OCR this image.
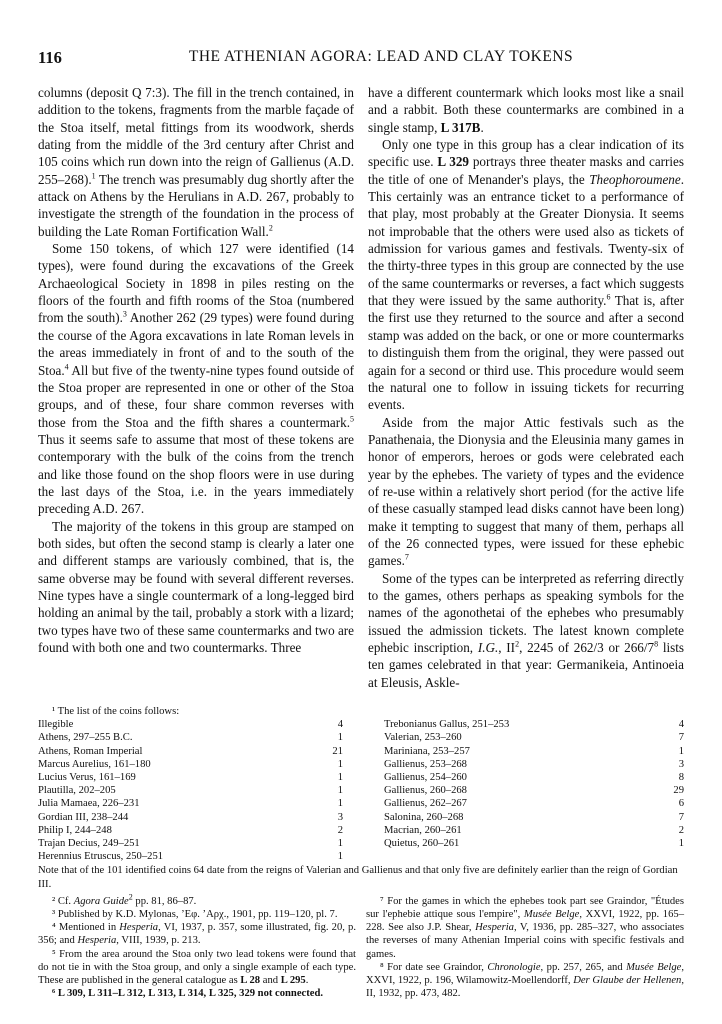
116	THE ATHENIAN AGORA: LEAD AND CLAY TOKENS

columns (deposit Q 7:3). The fill in the trench contained, in addition to the tokens, fragments from the marble façade of the Stoa itself, metal fittings from its woodwork, sherds dating from the middle of the 3rd century after Christ and 105 coins which run down into the reign of Gallienus (A.D. 255–268).$^1$ The trench was presumably dug shortly after the attack on Athens by the Herulians in A.D. 267, probably to investigate the strength of the foundation in the process of building the Late Roman Fortification Wall.$^2$

Some 150 tokens, of which 127 were identified (14 types), were found during the excavations of the Greek Archaeological Society in 1898 in piles resting on the floors of the fourth and fifth rooms of the Stoa (numbered from the south).$^3$ Another 262 (29 types) were found during the course of the Agora excavations in late Roman levels in the areas immediately in front of and to the south of the Stoa.$^4$ All but five of the twenty-nine types found outside of the Stoa proper are represented in one or other of the Stoa groups, and of these, four share common reverses with those from the Stoa and the fifth shares a countermark.$^5$ Thus it seems safe to assume that most of these tokens are contemporary with the bulk of the coins from the trench and like those found on the shop floors were in use during the last days of the Stoa, i.e. in the years immediately preceding A.D. 267.

The majority of the tokens in this group are stamped on both sides, but often the second stamp is clearly a later one and different stamps are variously combined, that is, the same obverse may be found with several different reverses. Nine types have a single countermark of a long-legged bird holding an animal by the tail, probably a stork with a lizard; two types have two of these same countermarks and two are found with both one and two countermarks. Three

have a different countermark which looks most like a snail and a rabbit. Both these countermarks are combined in a single stamp, L 317B.

Only one type in this group has a clear indication of its specific use. L 329 portrays three theater masks and carries the title of one of Menander's plays, the Theophoroumene. This certainly was an entrance ticket to a performance of that play, most probably at the Greater Dionysia. It seems not improbable that the others were used also as tickets of admission for various games and festivals. Twenty-six of the thirty-three types in this group are connected by the use of the same countermarks or reverses, a fact which suggests that they were issued by the same authority.$^6$ That is, after the first use they returned to the source and after a second stamp was added on the back, or one or more countermarks to distinguish them from the original, they were passed out again for a second or third use. This procedure would seem the natural one to follow in issuing tickets for recurring events.

Aside from the major Attic festivals such as the Panathenaia, the Dionysia and the Eleusinia many games in honor of emperors, heroes or gods were celebrated each year by the ephebes. The variety of types and the evidence of re-use within a relatively short period (for the active life of these casually stamped lead disks cannot have been long) make it tempting to suggest that many of them, perhaps all of the 26 connected types, were issued for these ephebic games.$^7$

Some of the types can be interpreted as referring directly to the games, others perhaps as speaking symbols for the names of the agonothetai of the ephebes who presumably issued the admission tickets. The latest known complete ephebic inscription, I.G., $II^2$, 2245 of 262/3 or $266/7^8$ lists ten games celebrated in that year: Germanikeia, Antinoeia at Eleusis, Askle-

¹ The list of the coins follows:
Illegible	4
Athens, 297–255 B.C.	1
Athens, Roman Imperial	21
Marcus Aurelius, 161–180	1
Lucius Verus, 161–169	1
Plautilla, 202–205	1
Julia Mamaea, 226–231	1
Gordian III, 238–244	3
Philip I, 244–248	2
Trajan Decius, 249–251	1
Herennius Etruscus, 250–251	1
Trebonianus Gallus, 251–253	4
Valerian, 253–260	7
Mariniana, 253–257	1
Gallienus, 253–268	3
Gallienus, 254–260	8
Gallienus, 260–268	29
Gallienus, 262–267	6
Salonina, 260–268	7
Macrian, 260–261	2
Quietus, 260–261	1
Note that of the 101 identified coins 64 date from the reigns of Valerian and Gallienus and that only five are definitely earlier than the reign of Gordian III.

² Cf. Agora Guide$^2$ pp. 81, 86–87.

³ Published by K.D. Mylonas, ʼΕφ. ʼΑρχ., 1901, pp. 119–120, pl. 7.

⁴ Mentioned in Hesperia, VI, 1937, p. 357, some illustrated, fig. 20, p. 356; and Hesperia, VIII, 1939, p. 213.

⁵ From the area around the Stoa only two lead tokens were found that do not tie in with the Stoa group, and only a single example of each type. These are published in the general catalogue as L 28 and L 295.

⁶ L 309, L 311–L 312, L 313, L 314, L 325, 329 not connected.

⁷ For the games in which the ephebes took part see Graindor, "Études sur l'ephebie attique sous l'empire", Musée Belge, XXVI, 1922, pp. 165–228. See also J.P. Shear, Hesperia, V, 1936, pp. 285–327, who associates the reverses of many Athenian Imperial coins with specific festivals and games.

⁸ For date see Graindor, Chronologie, pp. 257, 265, and Musée Belge, XXVI, 1922, p. 196, Wilamowitz-Moellendorff, Der Glaube der Hellenen, II, 1932, pp. 473, 482.
